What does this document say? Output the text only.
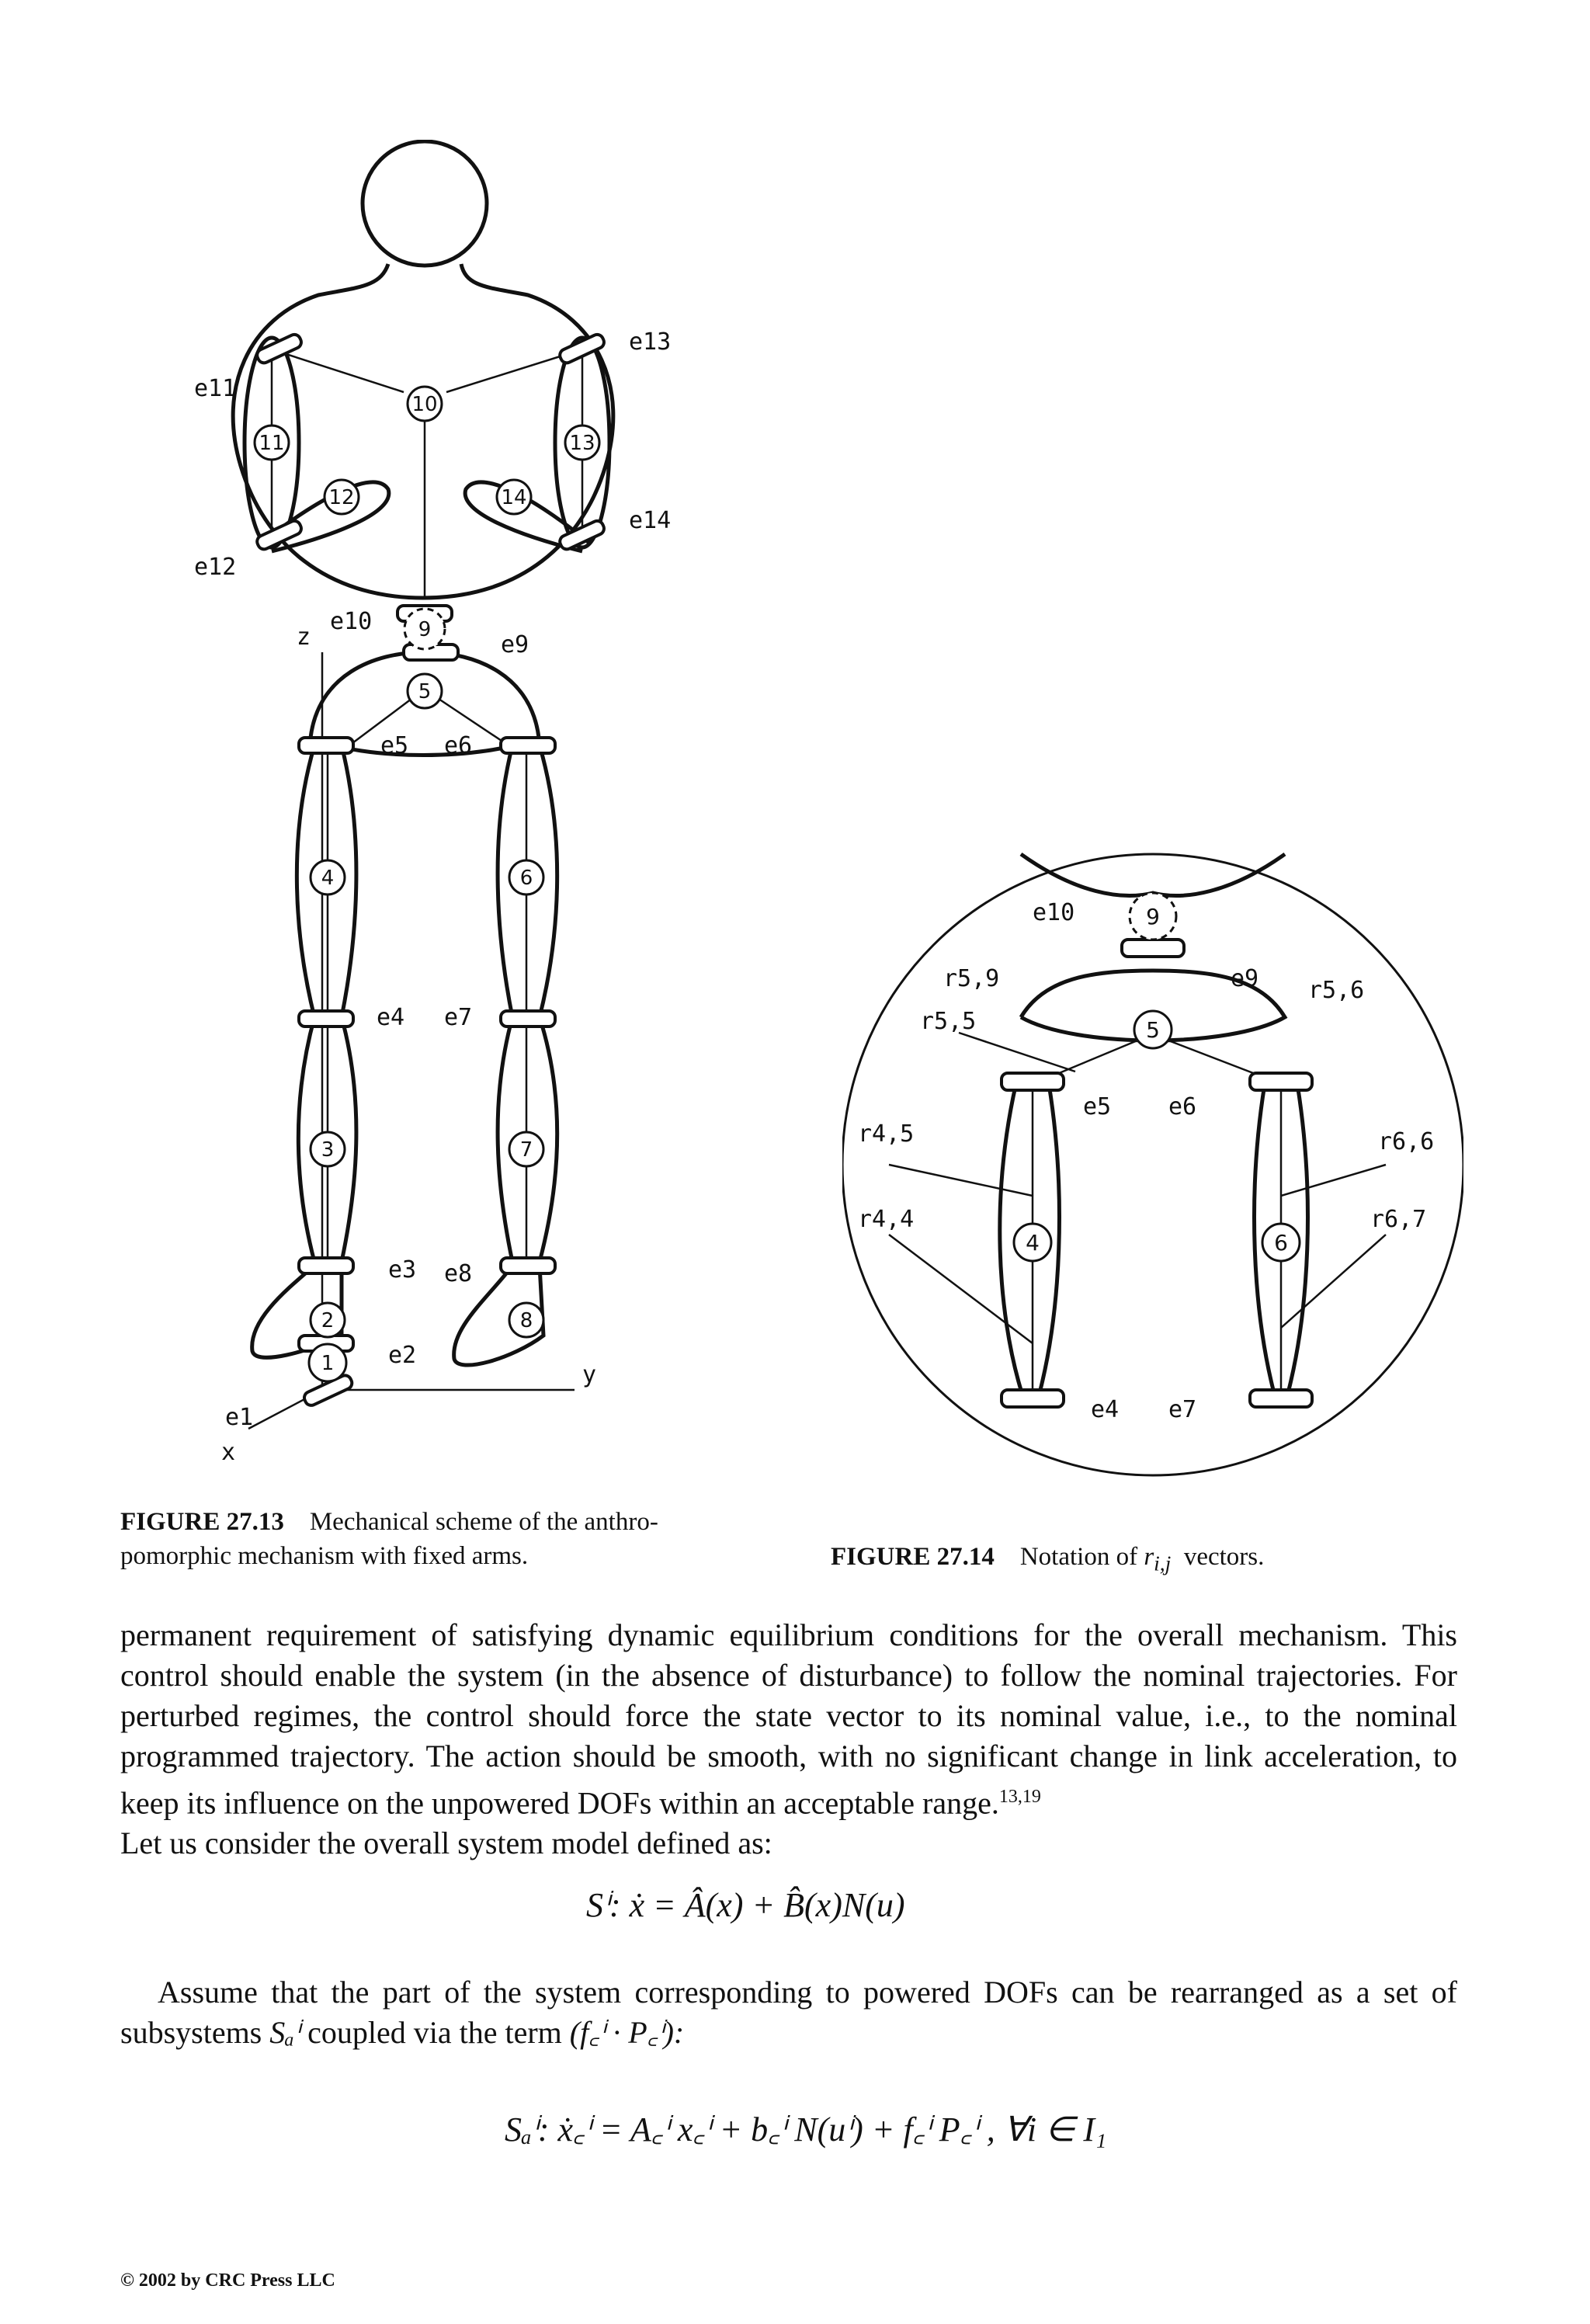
1
2
3
4
5
6
7
8
9
10
11
12
13
14
e1
e2
e3
e4
e5 e6
e7
e8
e9
e10
e11
e12
e13
e14
z
y
x
FIGURE 27.13 Mechanical scheme of the anthro-
pomorphic mechanism with fixed arms.
9
5
4	6
e10
e9
e5 e6
e4 e7
r5,9
r5,5
r4,5
r4,4
r5,6
r6,6
r6,7
FIGURE 27.14 Notation of $r_{i,j}$ vectors.

permanent requirement of satisfying dynamic equilibrium conditions for the overall mechanism. This control should enable the system (in the absence of disturbance) to follow the nominal trajectories. For perturbed regimes, the control should force the state vector to its nominal value, i.e., to the nominal programmed trajectory. The action should be smooth, with no significant change in link acceleration, to keep its influence on the unpowered DOFs within an acceptable range.$^{13,19}$

Let us consider the overall system model defined as:

Sⁱ: ẋ = Â(x) + B̂(x)N(u)
Assume that the part of the system corresponding to powered DOFs can be rearranged as a set of subsystems Sₐⁱ coupled via the term (f꜀ⁱ · P꜀ⁱ):
Sₐⁱ: ẋ꜀ⁱ = A꜀ⁱ x꜀ⁱ + b꜀ⁱ N(uⁱ) + f꜀ⁱ P꜀ⁱ , ∀i ∈ I₁
© 2002 by CRC Press LLC
